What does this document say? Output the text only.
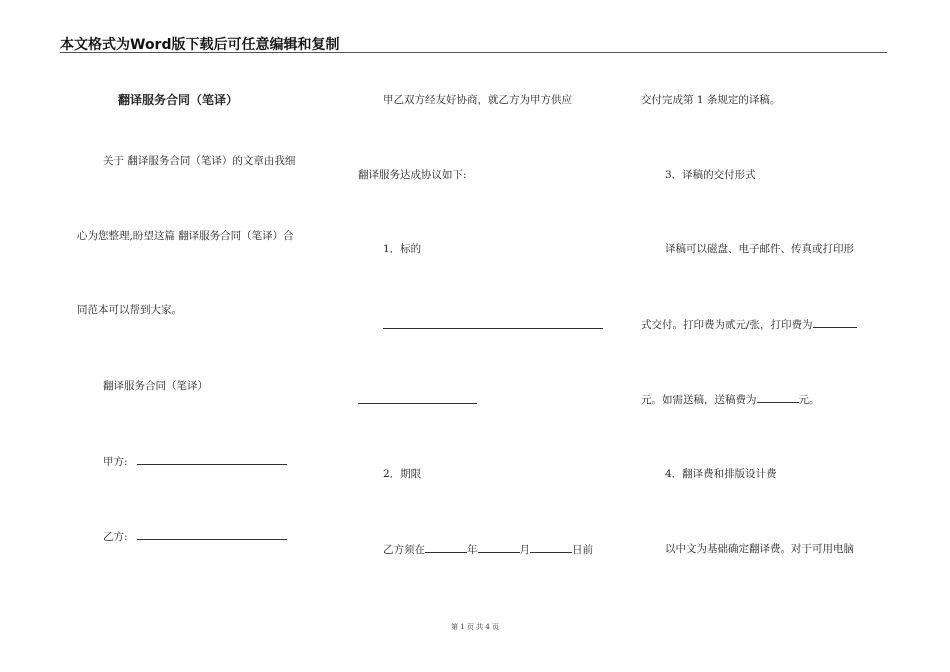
本文格式为Word版下载后可任意编辑和复制
翻译服务合同（笔译）
关于 翻译服务合同（笔译）的文章由我细
心为您整理,盼望这篇 翻译服务合同（笔译）合
同范本可以帮到大家。
翻译服务合同（笔译）
甲方:
乙方:
甲乙双方经友好协商，就乙方为甲方供应
翻译服务达成协议如下:
1．标的
2．期限
乙方须在	年	月	日前
交付完成第 1 条规定的译稿。
3．译稿的交付形式
译稿可以磁盘、电子邮件、传真或打印形
式交付。打印费为贰元/张，打印费为
元。如需送稿，送稿费为	元。
4．翻译费和排版设计费
以中文为基础确定翻译费。对于可用电脑
第 1 页 共 4 页
